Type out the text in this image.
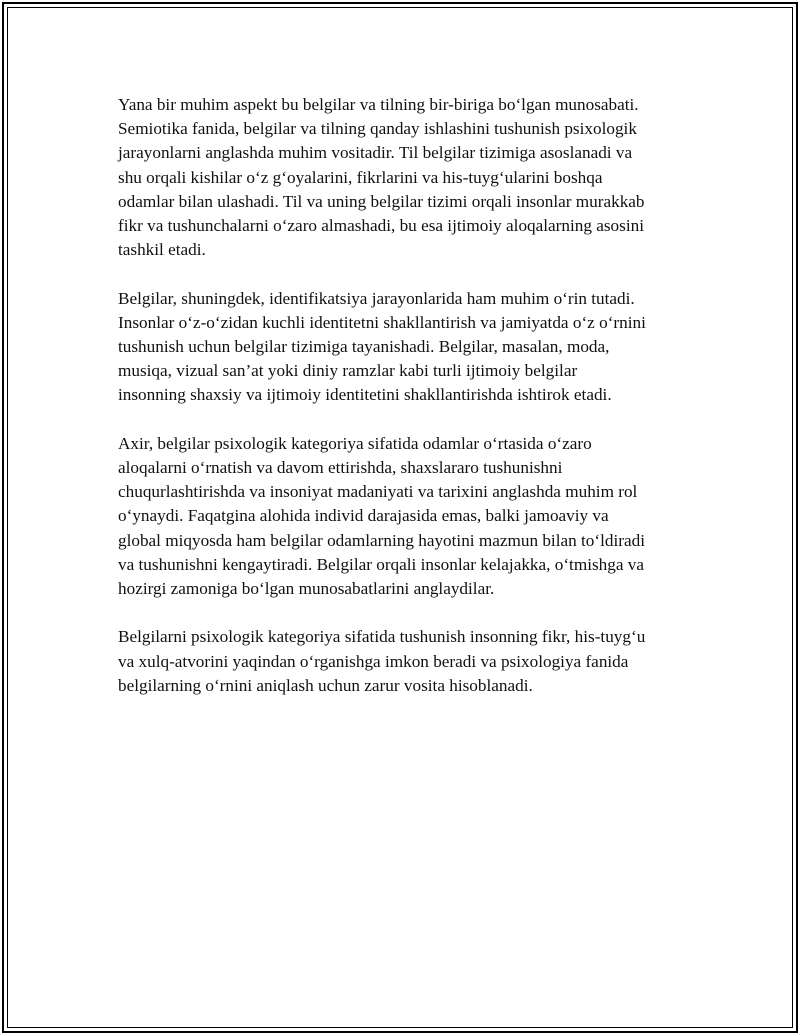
Yana bir muhim aspekt bu belgilar va tilning bir-biriga bo‘lgan munosabati.
Semiotika fanida, belgilar va tilning qanday ishlashini tushunish psixologik
jarayonlarni anglashda muhim vositadir. Til belgilar tizimiga asoslanadi va
shu orqali kishilar o‘z g‘oyalarini, fikrlarini va his-tuyg‘ularini boshqa
odamlar bilan ulashadi. Til va uning belgilar tizimi orqali insonlar murakkab
fikr va tushunchalarni o‘zaro almashadi, bu esa ijtimoiy aloqalarning asosini
tashkil etadi.

Belgilar, shuningdek, identifikatsiya jarayonlarida ham muhim o‘rin tutadi.
Insonlar o‘z-o‘zidan kuchli identitetni shakllantirish va jamiyatda o‘z o‘rnini
tushunish uchun belgilar tizimiga tayanishadi. Belgilar, masalan, moda,
musiqa, vizual san’at yoki diniy ramzlar kabi turli ijtimoiy belgilar
insonning shaxsiy va ijtimoiy identitetini shakllantirishda ishtirok etadi.

Axir, belgilar psixologik kategoriya sifatida odamlar o‘rtasida o‘zaro
aloqalarni o‘rnatish va davom ettirishda, shaxslararo tushunishni
chuqurlashtirishda va insoniyat madaniyati va tarixini anglashda muhim rol
o‘ynaydi. Faqatgina alohida individ darajasida emas, balki jamoaviy va
global miqyosda ham belgilar odamlarning hayotini mazmun bilan to‘ldiradi
va tushunishni kengaytiradi. Belgilar orqali insonlar kelajakka, o‘tmishga va
hozirgi zamoniga bo‘lgan munosabatlarini anglaydilar.

Belgilarni psixologik kategoriya sifatida tushunish insonning fikr, his-tuyg‘u
va xulq-atvorini yaqindan o‘rganishga imkon beradi va psixologiya fanida
belgilarning o‘rnini aniqlash uchun zarur vosita hisoblanadi.
